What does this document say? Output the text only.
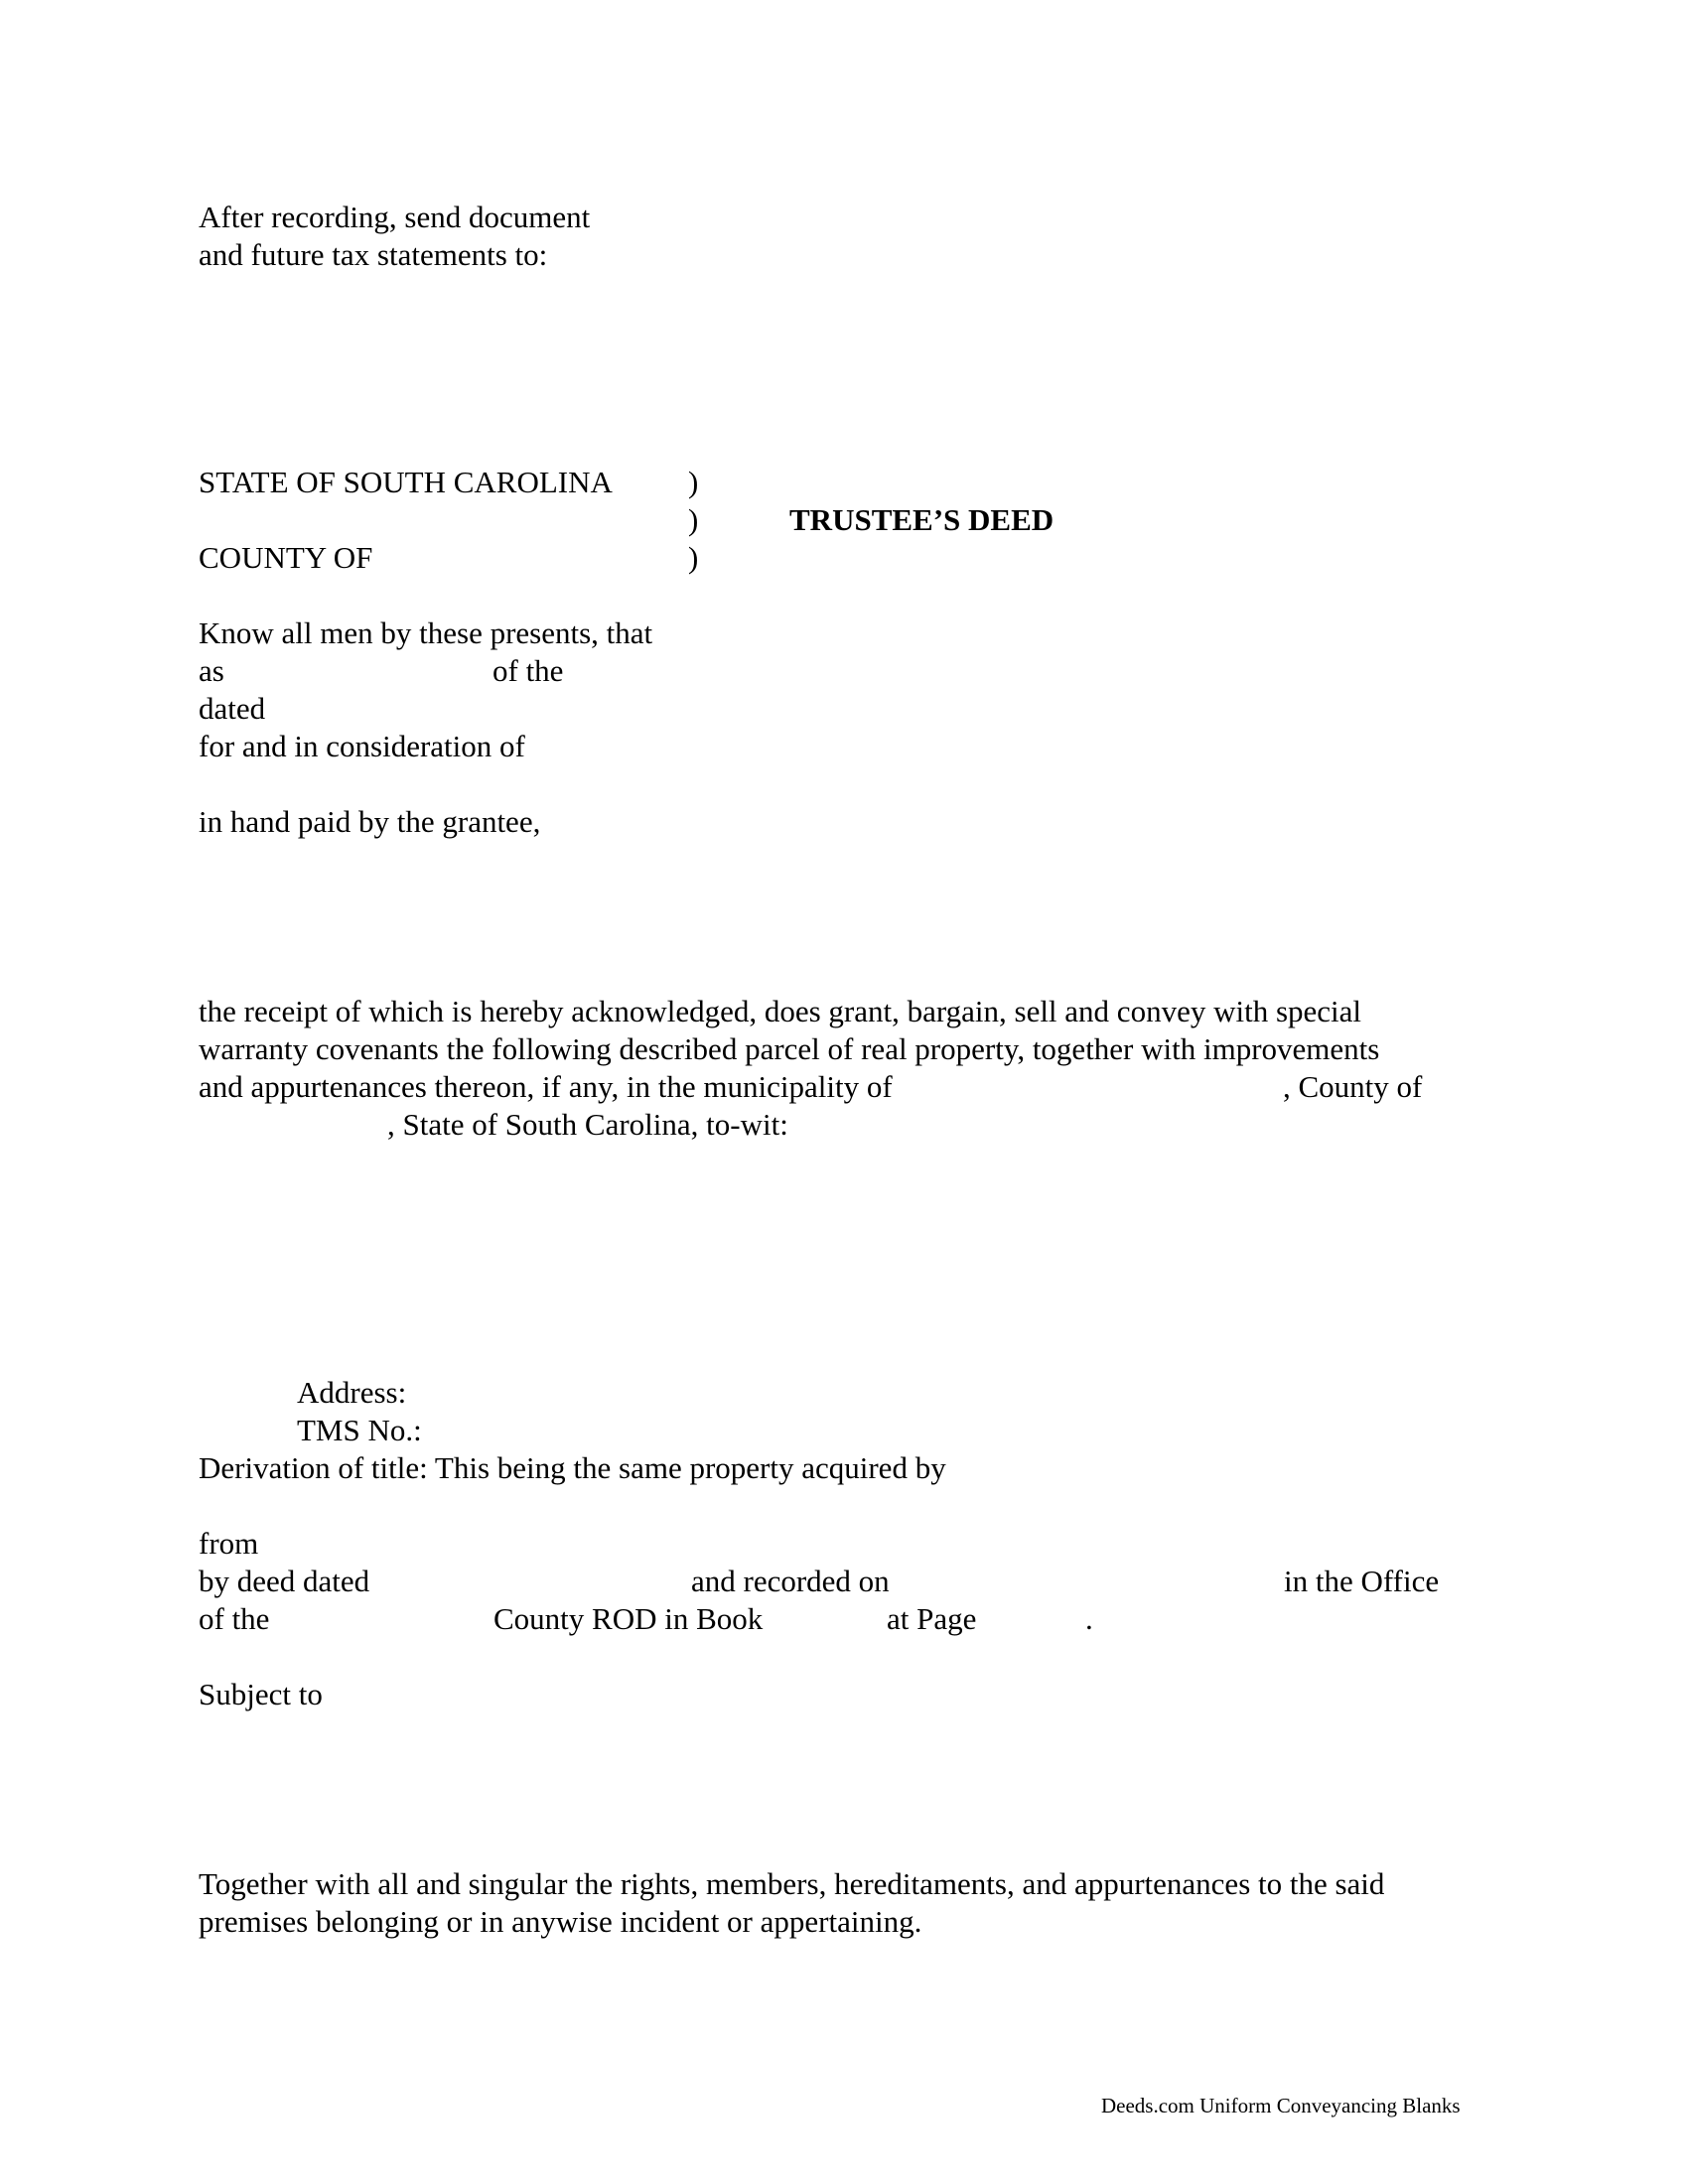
After recording, send document
and future tax statements to:
STATE OF SOUTH CAROLINA )
)	TRUSTEE’S DEED
COUNTY OF	)
Know all men by these presents, that
as	of the
dated
for and in consideration of
in hand paid by the grantee,
the receipt of which is hereby acknowledged, does grant, bargain, sell and convey with special
warranty covenants the following described parcel of real property, together with improvements
and appurtenances thereon, if any, in the municipality of	, County of
, State of South Carolina, to-wit:
Address:
TMS No.:
Derivation of title: This being the same property acquired by
from
by deed dated	and recorded on	in the Office
of the	County ROD in Book	at Page	.
Subject to
Together with all and singular the rights, members, hereditaments, and appurtenances to the said
premises belonging or in anywise incident or appertaining.
Deeds.com Uniform Conveyancing Blanks
